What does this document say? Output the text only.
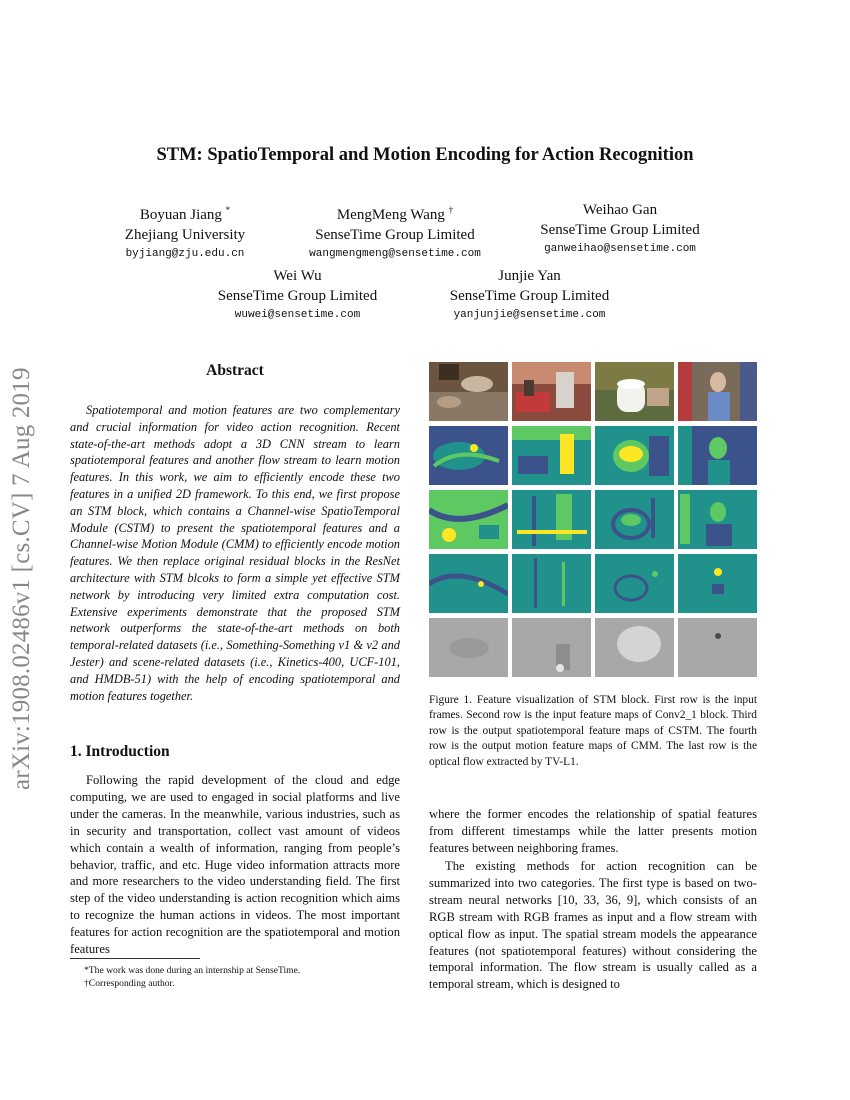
arXiv:1908.02486v1 [cs.CV] 7 Aug 2019
STM: SpatioTemporal and Motion Encoding for Action Recognition
Boyuan Jiang *
Zhejiang University
byjiang@zju.edu.cn
MengMeng Wang †
SenseTime Group Limited
wangmengmeng@sensetime.com
Weihao Gan
SenseTime Group Limited
ganweihao@sensetime.com
Wei Wu
SenseTime Group Limited
wuwei@sensetime.com
Junjie Yan
SenseTime Group Limited
yanjunjie@sensetime.com
Abstract

Spatiotemporal and motion features are two complementary and crucial information for video action recognition. Recent state-of-the-art methods adopt a 3D CNN stream to learn spatiotemporal features and another flow stream to learn motion features. In this work, we aim to efficiently encode these two features in a unified 2D framework. To this end, we first propose an STM block, which contains a Channel-wise SpatioTemporal Module (CSTM) to present the spatiotemporal features and a Channel-wise Motion Module (CMM) to efficiently encode motion features. We then replace original residual blocks in the ResNet architecture with STM blcoks to form a simple yet effective STM network by introducing very limited extra computation cost. Extensive experiments demonstrate that the proposed STM network outperforms the state-of-the-art methods on both temporal-related datasets (i.e., Something-Something v1 & v2 and Jester) and scene-related datasets (i.e., Kinetics-400, UCF-101, and HMDB-51) with the help of encoding spatiotemporal and motion features together.

1. Introduction

Following the rapid development of the cloud and edge computing, we are used to engaged in social platforms and live under the cameras. In the meanwhile, various industries, such as in security and transportation, collect vast amount of videos which contain a wealth of information, ranging from people’s behavior, traffic, and etc. Huge video information attracts more and more researchers to the video understanding field. The first step of the video understanding is action recognition which aims to recognize the human actions in videos. The most important features for action recognition are the spatiotemporal and motion features

*The work was done during an internship at SenseTime.
†Corresponding author.

Figure 1. Feature visualization of STM block. First row is the input frames. Second row is the input feature maps of Conv2_1 block. Third row is the output spatiotemporal feature maps of CSTM. The fourth row is the output motion feature maps of CMM. The last row is the optical flow extracted by TV-L1.

where the former encodes the relationship of spatial features from different timestamps while the latter presents motion features between neighboring frames.

The existing methods for action recognition can be summarized into two categories. The first type is based on two-stream neural networks [10, 33, 36, 9], which consists of an RGB stream with RGB frames as input and a flow stream with optical flow as input. The spatial stream models the appearance features (not spatiotemporal features) without considering the temporal information. The flow stream is usually called as a temporal stream, which is designed to
